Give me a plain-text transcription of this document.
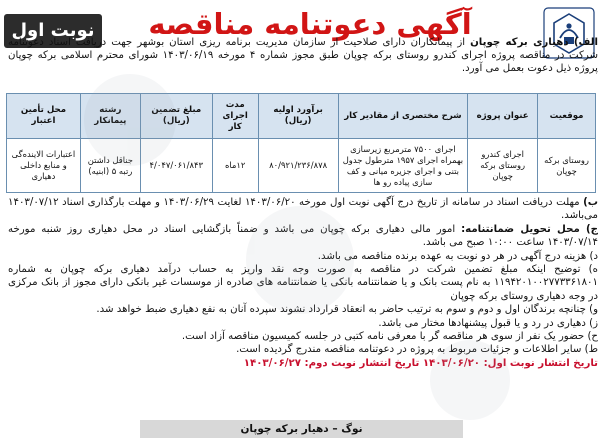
آگهی دعوتنامه مناقصه
نوبت اول
الف) دهیاری برکه چوپان از پیمانکاران دارای صلاحیت از سازمان مدیریت برنامه ریزی استان بوشهر جهت دریافت اسناد دعوتنامه شرکت در مناقصه پروژه اجرای کندرو روستای برکه چوپان طبق مجوز شماره ۴ مورخه ۱۴۰۳/۰۶/۱۹ شورای محترم اسلامی برکه چوپان پروژه ذیل دعوت بعمل می آورد.
موقعیت	عنوان پروژه	شرح مختصری از مقادیر کار	برآورد اولیه (ریال)	مدت اجرای کار	مبلغ تضمین (ریال)	رشته پیمانکار	محل تأمین اعتبار
روستای برکه چوپان	اجرای کندرو روستای برکه چوپان	اجرای ۷۵۰۰ مترمربع زیرسازی بهمراه اجرای ۱۹۵۷ مترطول جدول بتنی و اجرای جزیره میانی و کف سازی پیاده رو ها	۸۰/۹۲۱/۲۳۶/۸۷۸	۱۲ماه	۴/۰۴۷/۰۶۱/۸۴۳	جناقل داشتن رتبه ۵ (ابنیه)	اعتبارات الاینده‌گی و منابع داخلی دهیاری

ب) مهلت دریافت اسناد در سامانه از تاریخ درج آگهی نوبت اول مورخه ۱۴۰۳/۰۶/۲۰ لغایت ۱۴۰۳/۰۶/۲۹ و مهلت بارگذاری اسناد ۱۴۰۳/۰۷/۱۲ می‌باشد.

ج) محل تحویل ضمانتنامه: امور مالی دهیاری برکه چوپان می باشد و ضمناً بازگشایی اسناد در محل دهیاری روز شنبه مورخه ۱۴۰۳/۰۷/۱۴ ساعت ۱۰:۰۰ صبح می باشد.

د) هزینه درج آگهی در هر دو نوبت به عهده برنده مناقصه می باشد.

ه) توضیح اینکه مبلغ تضمین شرکت در مناقصه به صورت وجه نقد واریز به حساب درآمد دهیاری برکه چوپان به شماره ۱۱۹۴۲۰۱۰۰۲۷۷۳۳۶۱۸۰۱ به نام پست بانک و یا ضمانتنامه بانکی یا ضمانتنامه های صادره از موسسات غیر بانکی دارای مجوز از بانک مرکزی در وجه دهیاری روستای برکه چوپان

و) چنانچه برندگان اول و دوم و سوم به ترتیب حاضر به انعقاد قرارداد نشوند سپرده آنان به نفع دهیاری ضبط خواهد شد.

ز) دهیاری در رد و یا قبول پیشنهادها مختار می باشد.

ح) حضور یک نفر از سوی هر مناقصه گر با معرفی نامه کتبی در جلسه کمیسیون مناقصه آزاد است.

ط) سایر اطلاعات و جزئیات مربوط به پروژه در دعوتنامه مناقصه مندرج گردیده است.

تاریخ انتشار نوبت اول: ۱۴۰۳/۰۶/۲۰ تاریخ انتشار نوبت دوم: ۱۴۰۳/۰۶/۲۷

نوگ – دهیار برکه چوپان
